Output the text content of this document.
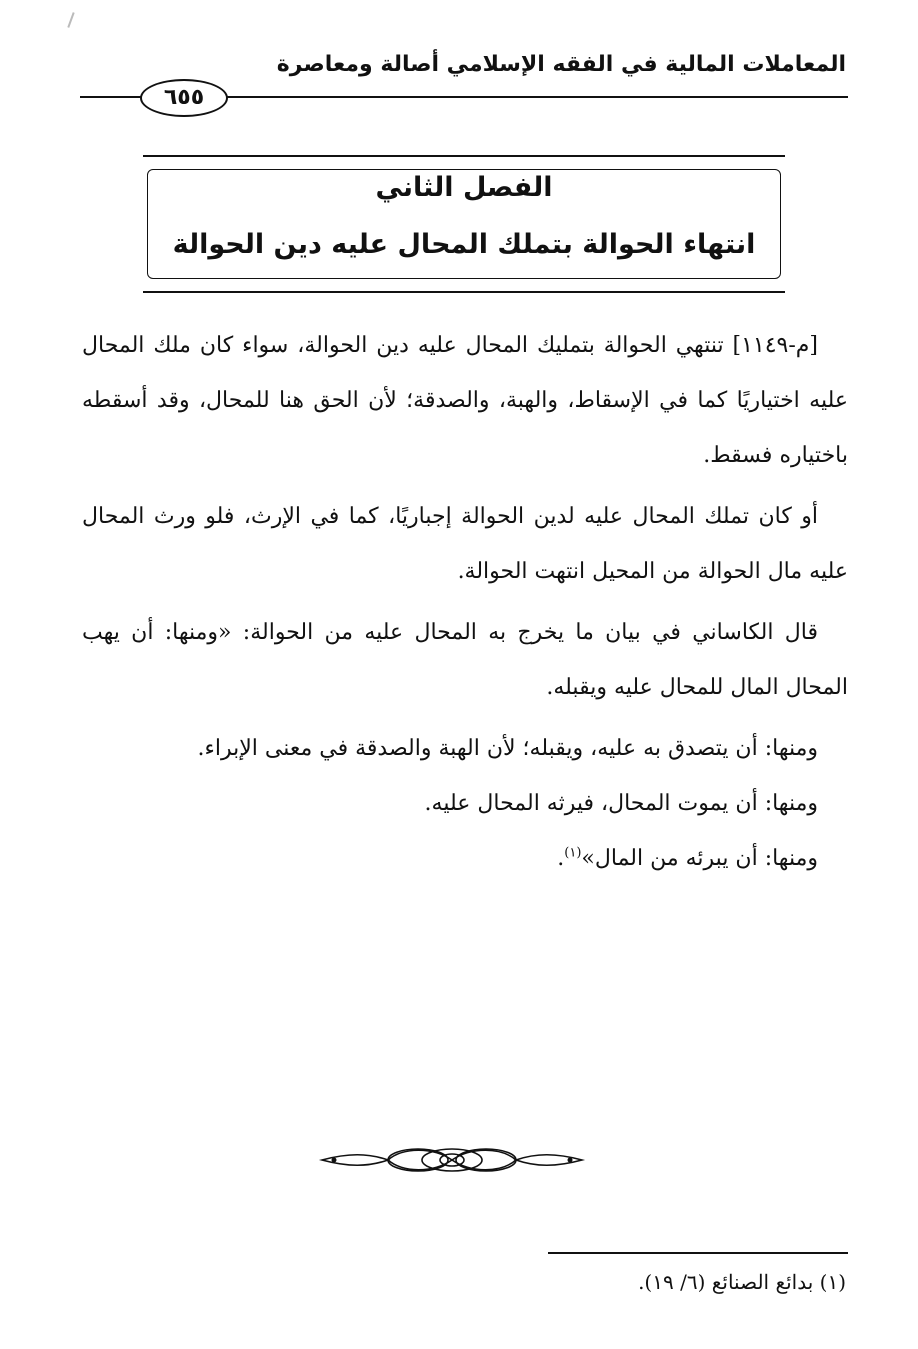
المعاملات المالية في الفقه الإسلامي أصالة ومعاصرة
٦٥٥
الفصل الثاني
انتهاء الحوالة بتملك المحال عليه دين الحوالة

[م-١١٤٩] تنتهي الحوالة بتمليك المحال عليه دين الحوالة، سواء كان ملك المحال عليه اختياريًا كما في الإسقاط، والهبة، والصدقة؛ لأن الحق هنا للمحال، وقد أسقطه باختياره فسقط.

أو كان تملك المحال عليه لدين الحوالة إجباريًا، كما في الإرث، فلو ورث المحال عليه مال الحوالة من المحيل انتهت الحوالة.

قال الكاساني في بيان ما يخرج به المحال عليه من الحوالة: «ومنها: أن يهب المحال المال للمحال عليه ويقبله.

ومنها: أن يتصدق به عليه، ويقبله؛ لأن الهبة والصدقة في معنى الإبراء.

ومنها: أن يموت المحال، فيرثه المحال عليه.

ومنها: أن يبرئه من المال»$^{(١)}$.

(١) بدائع الصنائع (٦/ ١٩).
